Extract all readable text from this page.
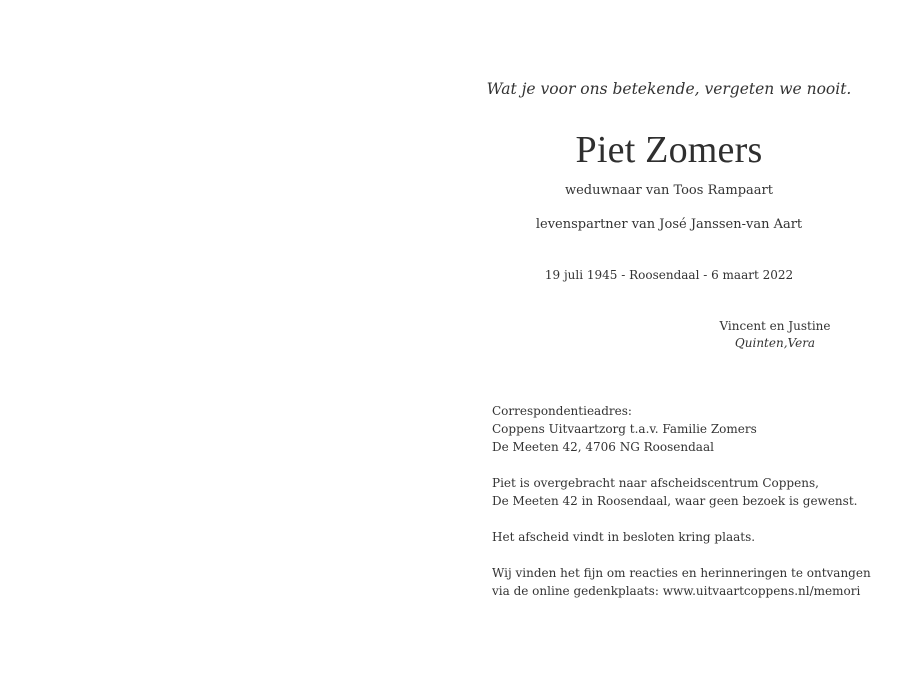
Wat je voor ons betekende, vergeten we nooit.
Piet Zomers
weduwnaar van Toos Rampaart
levenspartner van José Janssen-van Aart
19 juli 1945 - Roosendaal - 6 maart 2022
Vincent en Justine
Quinten,Vera
Correspondentieadres:
Coppens Uitvaartzorg t.a.v. Familie Zomers
De Meeten 42, 4706 NG Roosendaal
Piet is overgebracht naar afscheidscentrum Coppens,
De Meeten 42 in Roosendaal, waar geen bezoek is gewenst.
Het afscheid vindt in besloten kring plaats.
Wij vinden het fijn om reacties en herinneringen te ontvangen
via de online gedenkplaats: www.uitvaartcoppens.nl/memori
